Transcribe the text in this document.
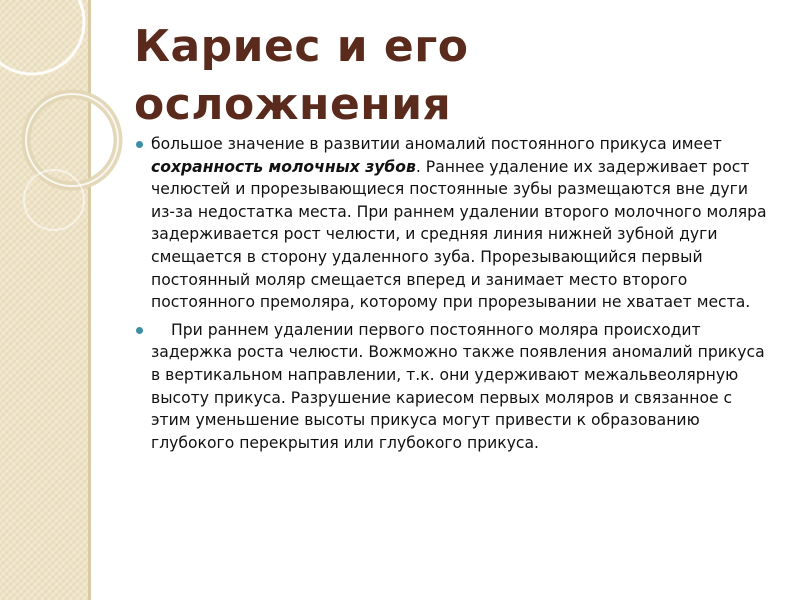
Кариес и его
осложнения

большое значение в развитии аномалий постоянного прикуса имеет сохранность молочных зубов. Раннее удаление их задерживает рост челюстей и прорезывающиеся постоянные зубы размещаются вне дуги из-за недостатка места. При раннем удалении второго молочного моляра задерживается рост челюсти, и средняя линия нижней зубной дуги смещается в сторону удаленного зуба. Прорезывающийся первый постоянный моляр смещается вперед и занимает место второго постоянного премоляра, которому при прорезывании не хватает места.

При раннем удалении первого постоянного моляра происходит задержка роста челюсти. Вожможно также появления аномалий прикуса в вертикальном направлении, т.к. они удерживают межальвеолярную высоту прикуса. Разрушение кариесом первых моляров и связанное с этим уменьшение высоты прикуса могут привести к образованию глубокого перекрытия или глубокого прикуса.
